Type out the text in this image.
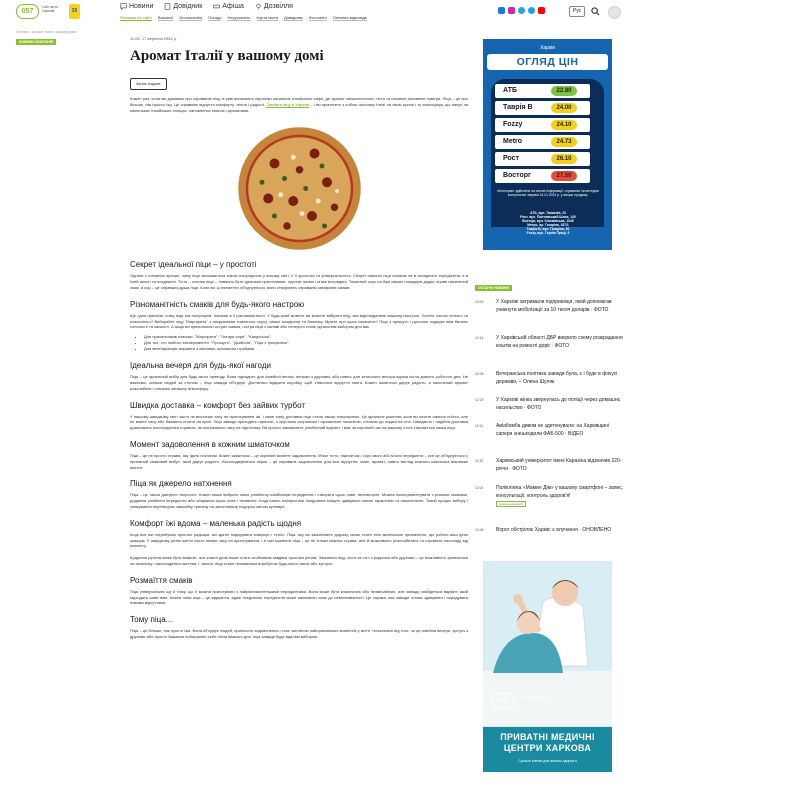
057
Сайт міста Харкова	20
Новини	Довідник	Афіша	Дозвілля
Реклама на сайті Вакансії Оголошення Погода Нерухомість Карта міста Довідкова Фотозвіти Питання-відповідь
Рус
Головна › Аромат Італії у вашому домі
НОВИНИ КОМПАНІЙ
11:00, 17 вересня 2024 р.
Аромат Італії у вашому домі
Читать позднее
Кожен раз, коли ми думаємо про справжню піцу, в уяві виникають картинки затишних італійських кафе, де аромат свіжоспеченого тіста та начинки заповнює повітря. Піца – це про більше, ніж просто їжу. Це справжнє відчуття комфорту, тепла і радості. Замовте піцу в Харкові – і ви принесете з собою частинку Італії на свою кухню і ту атмосферу, що панує на маленьких італійських площах, наповнених сміхом і ароматами.
Секрет ідеальної піци – у простоті
Однією з головних причин, чому піца залишається такою популярною у всьому світі, є її простота та універсальність. Секрет смачної піци полягає не в складності інгредієнтів, а в їхній якості та поєднанні. Тісто – основа піци – повинно бути ідеально приготоване: хрустке ззовні і м'яке всередині. Томатний соус на базі свіжих помідорів додає страві насичений смак, а сир – це справжня душа піци. Коли всі ці елементи об'єднуються, вони створюють справжню симфонію смаків.
Різноманітність смаків для будь-якого настрою
Ще одна причина, чому піца так популярна, полягає в її різноманітності. У будь-який момент ви можете вибрати піцу, яка відповідатиме вашому настрою. Хочете чогось легкого та класичного? Вибирайте піцу "Маргарита" з поєднанням томатного соусу, свіжої моцарели та базиліку. Мрієте про щось насичене? Піца з прошуто і руколою подарує вам баланс солоності та свіжості. А якщо ви прихильник гострих смаків, гостра піца з салямі або пепероні стане ідеальним вибором для вас.
• Для прихильників класики: "Маргарита", "Чотири сири", "Капричоза".
• Для тих, хто любить експерименти: "Прошуто", "Дьябола", "Піца з трюфелем".
• Для вегетаріанців: варіанти з овочами, шпинатом і грибами.
Ідеальна вечеря для будь-якої нагоди
Піца – це ідеальний вибір для будь-якого приводу. Вона підходить для сімейної вечері, вечірки з друзями, або навіть для затишного вечора вдома після довгого робочого дня. Не важливо, скільки людей за столом – піца завжди об'єднує. Достатньо відкрити коробку, щоб з'явилося відчуття свята. Кожен шматочок дарує радість, а насичений аромат розслабляє і створює затишну атмосферу.
Швидка доставка – комфорт без зайвих турбот
У нашому швидкому світі часто не вистачає часу на приготування їжі, і саме тому доставка піци стала такою популярною. Це ідеальне рішення, коли ви хочете смачно поїсти, але не маєте часу або бажання стояти на кухні. Піца завжди приходить гарячою, з хрусткою скоринкою і ароматною начинкою, готовою до подачі на стіл. Швидкість і надійна доставка дозволяють насолодитися стравою, не витрачаючи часу на підготовку. Ви просто замовляєте улюблений варіант, і вже за короткий час на вашому столі з'являється свіжа піца.
Момент задоволення в кожним шматочком
Піца – це не просто страва, яку їдять поспіхом. Кожен шматочок – це окремий момент задоволення. М'яке тісто, ніжний сир, соус свого або м'ясні інгредієнти – усе це об'єднується у приємний смаковий вибух, який дарує радість. Насолоджуватися піцою – це справжнє задоволення для всіх відчуттів: смак, аромат, навіть вигляд кожного шматочка викликає апетит.
Піца як джерело натхнення
Піца – це також джерело творчості. Кожен може вибрати свою улюблену комбінацію інгредієнтів і створити щось нове, неповторне. Можна експериментувати з різними смаками, додаючи улюблені інгредієнти або обираючи щось нове і незвичне. Іноді навіть найпростіші поєднання можуть здивувати своєю гармонією та насиченістю. Такий процес вибору і смакування перетворює звичайну трапезу на захоплюючу подорож світом кулінарії.
Комфорт їжі вдома – маленька радість щодня
Іноді все ми потребуємо простих радощів, які здатні подарувати комфорт і тепло. Піца, яку ви замовляєте додому, може стати тією маленькою приємністю, що робить ваш день кращим. У швидкому ритмі життя часто немає часу на приготування, і в такі моменти піца – це не тільки смачна страва, але й можливість розслабитися та отримати насолоду від моменту.
Щоденна рутина може бути важкою, але кожен день може стати особливим завдяки простим речам. Замовити піцу, сісти за стіл з родиною або друзями – це можливість зупинитися на хвилинку і насолодитися життям. І, звісно, піца стане незамінним атрибутом будь-якого свята або зустрічі.
Розмаїття смаків
Піца універсальна ще й тому, що її можна приготувати з найрізноманітнішими інгредієнтами. Вона може бути класичною або незвичайною, але завжди знайдеться варіант, який підходить саме вам. Кожна нова піца – це відкриття, адже поєднання інгредієнтів може змінювати смак до невпізнаваності. Це справа, яка завжди готова здивувати і порадувати новими відчуттями.
Тому піца...
Піца – це більше, ніж просто їжа. Вона об'єднує людей, приносить задоволення і стає частиною найприємніших моментів у житті. Незалежно від того, чи це сімейна вечеря, зустріч з друзями або просто бажання побалувати себе після важкого дня, піца завжди буде вдалим вибором.
Харків
ОГЛЯД ЦІН
АТБ	22.80
Таврія В	24.00
Fozzy	24.10
Metro	24.73
Рост	26.10
Восторг	27.50
Моніторинг здійснено на основі інформації, отриманої за методом контрольної закупки 24.01.2024 р. у місцях продажу:
АТБ, вул. Танкопія, 23
Рост, вул. Полтавський Шлях, 140
Восторг, вул. Клочківська, 134б
Метро, пр. Гагаріна, 187/1
Таврія В, вул. Гагаріна, 30
Fozzy, вул. Героїв Праці, 9
ОСТАННІ НОВИНИ
13:03	У Харкові затримали підприємця, який допомагав уникнути мобілізації за 10 тисяч доларів · ФОТО
12:14	У Харківській області ДБР викрило схему розкрадання коштів на ремонті доріг · ФОТО
10:06	Ветеранська політика завжди була, є і буде в фокусі держави, – Олена Шуляк
12:29	У Харкові жінка звернулась до поліції через домашнє насильство · ФОТО
11:51	Авіабомба дивом не здетонувала: на Харківщині сапери знешкодили ФАБ-500 · ВІДЕО
11:32	Харківський університет імені Каразіна відзначив 220-річчя · ФОТО
11:00	Поліклініка «Мамин Дім» у вашому смартфоні – запис, консультації, контроль здоров'я!
Новини компаній
10:46	Ворог обстріляє Харків: є влучання · ОНОВЛЕНО
057	Сайт міста Харкова
ПРИВАТНІ МЕДИЧНІ
ЦЕНТРИ ХАРКОВА
Сучасні клініки для вашого здоров'я
